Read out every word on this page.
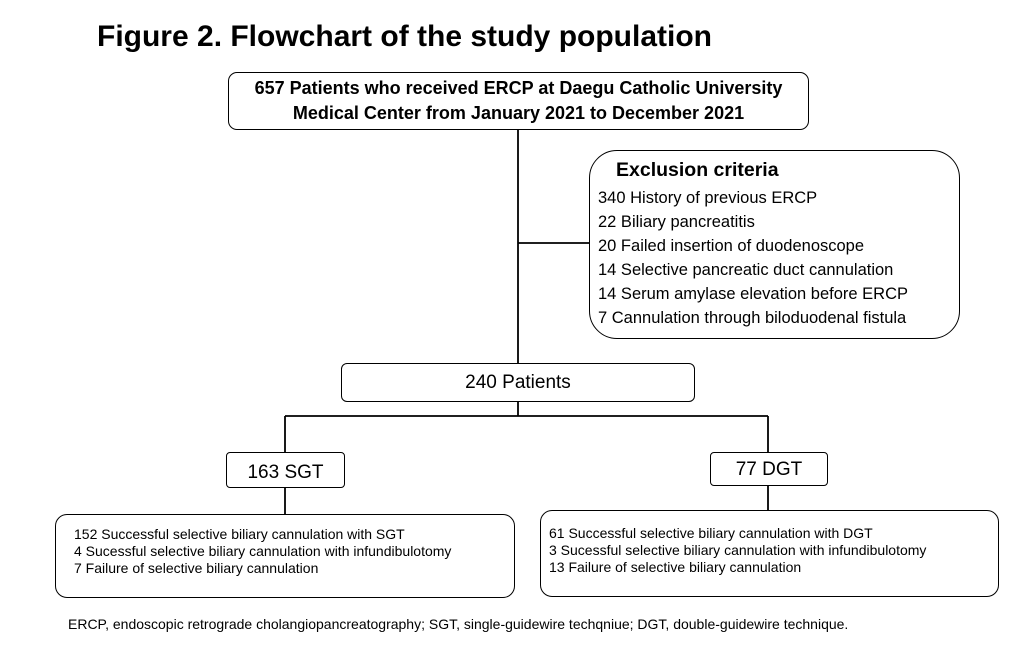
Figure 2. Flowchart of the study population
657 Patients who received ERCP at Daegu Catholic University
Medical Center from January 2021 to December 2021
Exclusion criteria
340 History of previous ERCP
22 Biliary pancreatitis
20 Failed insertion of duodenoscope
14 Selective pancreatic duct cannulation
14 Serum amylase elevation before ERCP
7 Cannulation through biloduodenal fistula
240 Patients
163 SGT	77 DGT
152 Successful selective biliary cannulation with SGT
4 Sucessful selective biliary cannulation with infundibulotomy
7 Failure of selective biliary cannulation
61 Successful selective biliary cannulation with DGT
3 Sucessful selective biliary cannulation with infundibulotomy
13 Failure of selective biliary cannulation
ERCP, endoscopic retrograde cholangiopancreatography; SGT, single-guidewire techqniue; DGT, double-guidewire technique.
